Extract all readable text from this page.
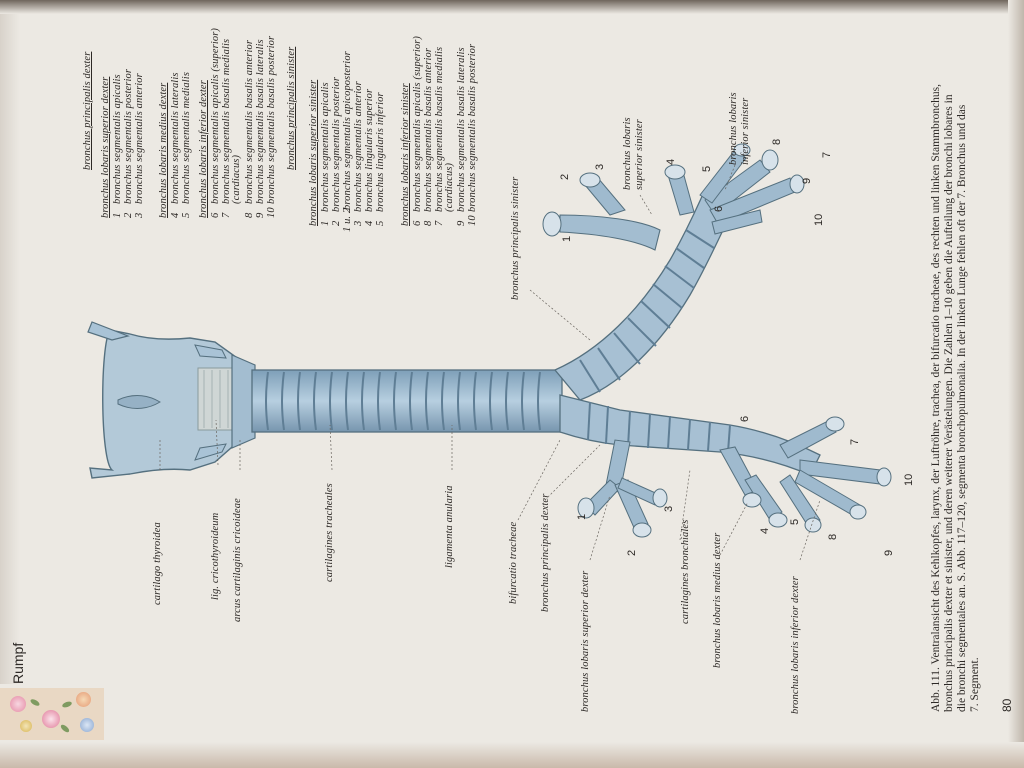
1
2
3
4
5
6
7
8
9
10
1
2
3
4
5
6
7
8
9
10
Rumpf
80
cartilago thyroidea	lig. cricothyroideum arcus cartilaginis cricoideae	cartilagines tracheales	ligamenta anularia	bifurcatio tracheae bronchus principalis dexter
bronchus lobaris superior dexter	cartilagines bronchiales bronchus lobaris medius dexter	bronchus lobaris inferior dexter
bronchus principalis sinister
bronchus lobaris superior sinister	bronchus lobaris inferior sinister
bronchus principalis dexter bronchus lobaris superior dexter 1bronchus segmentalis apicalis
2bronchus segmentalis posterior
3bronchus segmentalis anterior bronchus lobaris medius dexter 4bronchus segmentalis lateralis
5bronchus segmentalis medialis bronchus lobaris inferior dexter 6bronchus segmentalis apicalis (superior)
7bronchus segmentalis basalis medialis (cardiacus)
8bronchus segmentalis basalis anterior
9bronchus segmentalis basalis lateralis
10bronchus segmentalis basalis posterior bronchus principalis sinister bronchus lobaris superior sinister 1bronchus segmentalis apicalis
2bronchus segmentalis posterior
1 u. 2bronchus segmentalis apicoposterior
3bronchus segmentalis anterior
4bronchus lingularis superior
5bronchus lingularis inferior bronchus lobaris inferior sinister 6bronchus segmentalis apicalis (superior)
8bronchus segmentalis basalis anterior
7bronchus segmentalis basalis medialis (cardiacus)
9bronchus segmentalis basalis lateralis
10bronchus segmentalis basalis posterior	Abb. 111. Ventralansicht des Kehlkopfes, larynx, der Luftröhre, trachea, der bifurcatio tracheae, des rechten und linken Stammbronchus, bronchus principalis dexter et sinister, und deren weiterer Verästelungen. Die Zahlen 1–10 geben die Aufteilung der bronchi lobares in die bronchi segmentales an. S. Abb. 117–120, segmenta bronchopulmonalia. In der linken Lunge fehlen oft der 7. Bronchus und das 7. Segment.
